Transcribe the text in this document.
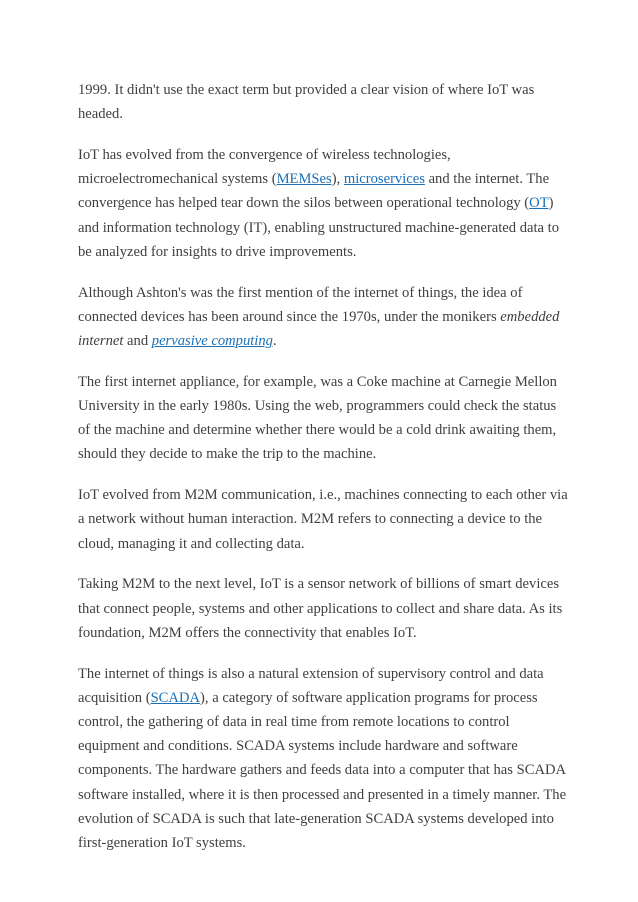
1999. It didn't use the exact term but provided a clear vision of where IoT was headed.

IoT has evolved from the convergence of wireless technologies, microelectromechanical systems (MEMSes), microservices and the internet. The convergence has helped tear down the silos between operational technology (OT) and information technology (IT), enabling unstructured machine-generated data to be analyzed for insights to drive improvements.

Although Ashton's was the first mention of the internet of things, the idea of connected devices has been around since the 1970s, under the monikers embedded internet and pervasive computing.

The first internet appliance, for example, was a Coke machine at Carnegie Mellon University in the early 1980s. Using the web, programmers could check the status of the machine and determine whether there would be a cold drink awaiting them, should they decide to make the trip to the machine.

IoT evolved from M2M communication, i.e., machines connecting to each other via a network without human interaction. M2M refers to connecting a device to the cloud, managing it and collecting data.

Taking M2M to the next level, IoT is a sensor network of billions of smart devices that connect people, systems and other applications to collect and share data. As its foundation, M2M offers the connectivity that enables IoT.

The internet of things is also a natural extension of supervisory control and data acquisition (SCADA), a category of software application programs for process control, the gathering of data in real time from remote locations to control equipment and conditions. SCADA systems include hardware and software components. The hardware gathers and feeds data into a computer that has SCADA software installed, where it is then processed and presented in a timely manner. The evolution of SCADA is such that late-generation SCADA systems developed into first-generation IoT systems.
